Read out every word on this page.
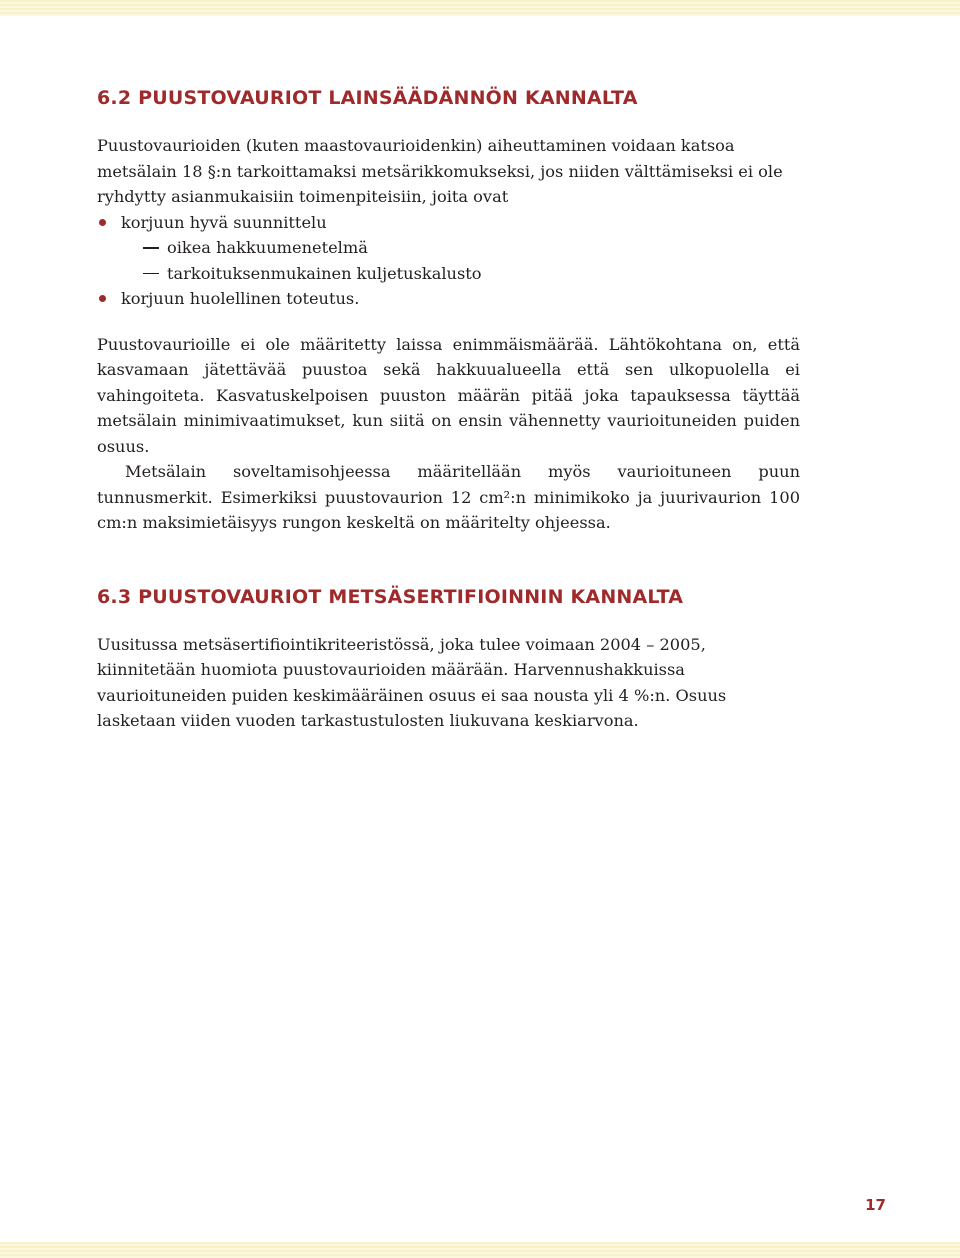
6.2 PUUSTOVAURIOT LAINSÄÄDÄNNÖN KANNALTA

Puustovaurioiden (kuten maastovaurioidenkin) aiheuttaminen voidaan katsoa metsälain 18 §:n tarkoittamaksi metsärikkomukseksi, jos niiden välttämiseksi ei ole ryhdytty asianmukaisiin toimenpiteisiin, joita ovat

korjuun hyvä suunnittelu
oikea hakkuumenetelmä
tarkoituksenmukainen kuljetuskalusto
korjuun huolellinen toteutus.

Puustovaurioille ei ole määritetty laissa enimmäismäärää. Lähtökohtana on, että kasvamaan jätettävää puustoa sekä hakkuualueella että sen ulkopuolella ei vahingoiteta. Kasvatuskelpoisen puuston määrän pitää joka tapauksessa täyttää metsälain minimivaatimukset, kun siitä on ensin vähennetty vaurioituneiden puiden osuus.

Metsälain soveltamisohjeessa määritellään myös vaurioituneen puun tunnusmerkit. Esimerkiksi puustovaurion 12 cm²:n minimikoko ja juurivaurion 100 cm:n maksimietäisyys rungon keskeltä on määritelty ohjeessa.

6.3 PUUSTOVAURIOT METSÄSERTIFIOINNIN KANNALTA

Uusitussa metsäsertifiointikriteeristössä, joka tulee voimaan 2004 – 2005, kiinnitetään huomiota puustovaurioiden määrään. Harvennushakkuissa vaurioituneiden puiden keskimääräinen osuus ei saa nousta yli 4 %:n. Osuus lasketaan viiden vuoden tarkastustulosten liukuvana keskiarvona.

17
